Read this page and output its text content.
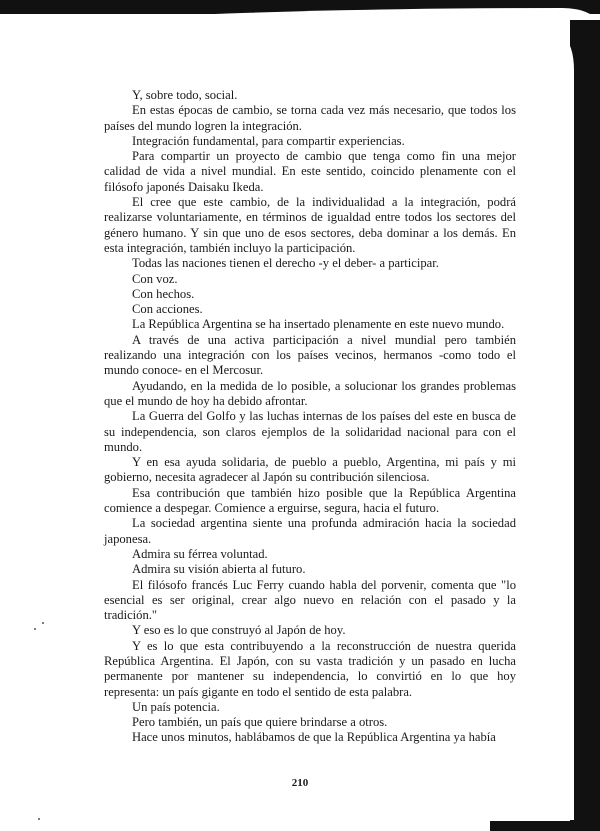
Y, sobre todo, social.

En estas épocas de cambio, se torna cada vez más necesario, que todos los países del mundo logren la integración.

Integración fundamental, para compartir experiencias.

Para compartir un proyecto de cambio que tenga como fin una mejor calidad de vida a nivel mundial. En este sentido, coincido plenamente con el filósofo japonés Daisaku Ikeda.

El cree que este cambio, de la individualidad a la integración, podrá realizarse voluntariamente, en términos de igualdad entre todos los sectores del género humano. Y sin que uno de esos sectores, deba dominar a los demás. En esta integración, también incluyo la participación.

Todas las naciones tienen el derecho -y el deber- a participar.

Con voz.

Con hechos.

Con acciones.

La República Argentina se ha insertado plenamente en este nuevo mundo.

A través de una activa participación a nivel mundial pero también realizando una integración con los países vecinos, hermanos -como todo el mundo conoce- en el Mercosur.

Ayudando, en la medida de lo posible, a solucionar los grandes problemas que el mundo de hoy ha debido afrontar.

La Guerra del Golfo y las luchas internas de los países del este en busca de su independencia, son claros ejemplos de la solidaridad nacional para con el mundo.

Y en esa ayuda solidaria, de pueblo a pueblo, Argentina, mi país y mi gobierno, necesita agradecer al Japón su contribución silenciosa.

Esa contribución que también hizo posible que la República Argentina comience a despegar. Comience a erguirse, segura, hacia el futuro.

La sociedad argentina siente una profunda admiración hacia la sociedad japonesa.

Admira su férrea voluntad.

Admira su visión abierta al futuro.

El filósofo francés Luc Ferry cuando habla del porvenir, comenta que "lo esencial es ser original, crear algo nuevo en relación con el pasado y la tradición."

Y eso es lo que construyó al Japón de hoy.

Y es lo que esta contribuyendo a la reconstrucción de nuestra querida República Argentina. El Japón, con su vasta tradición y un pasado en lucha permanente por mantener su independencia, lo convirtió en lo que hoy representa: un país gigante en todo el sentido de esta palabra.

Un país potencia.

Pero también, un país que quiere brindarse a otros.

Hace unos minutos, hablábamos de que la República Argentina ya había

210
